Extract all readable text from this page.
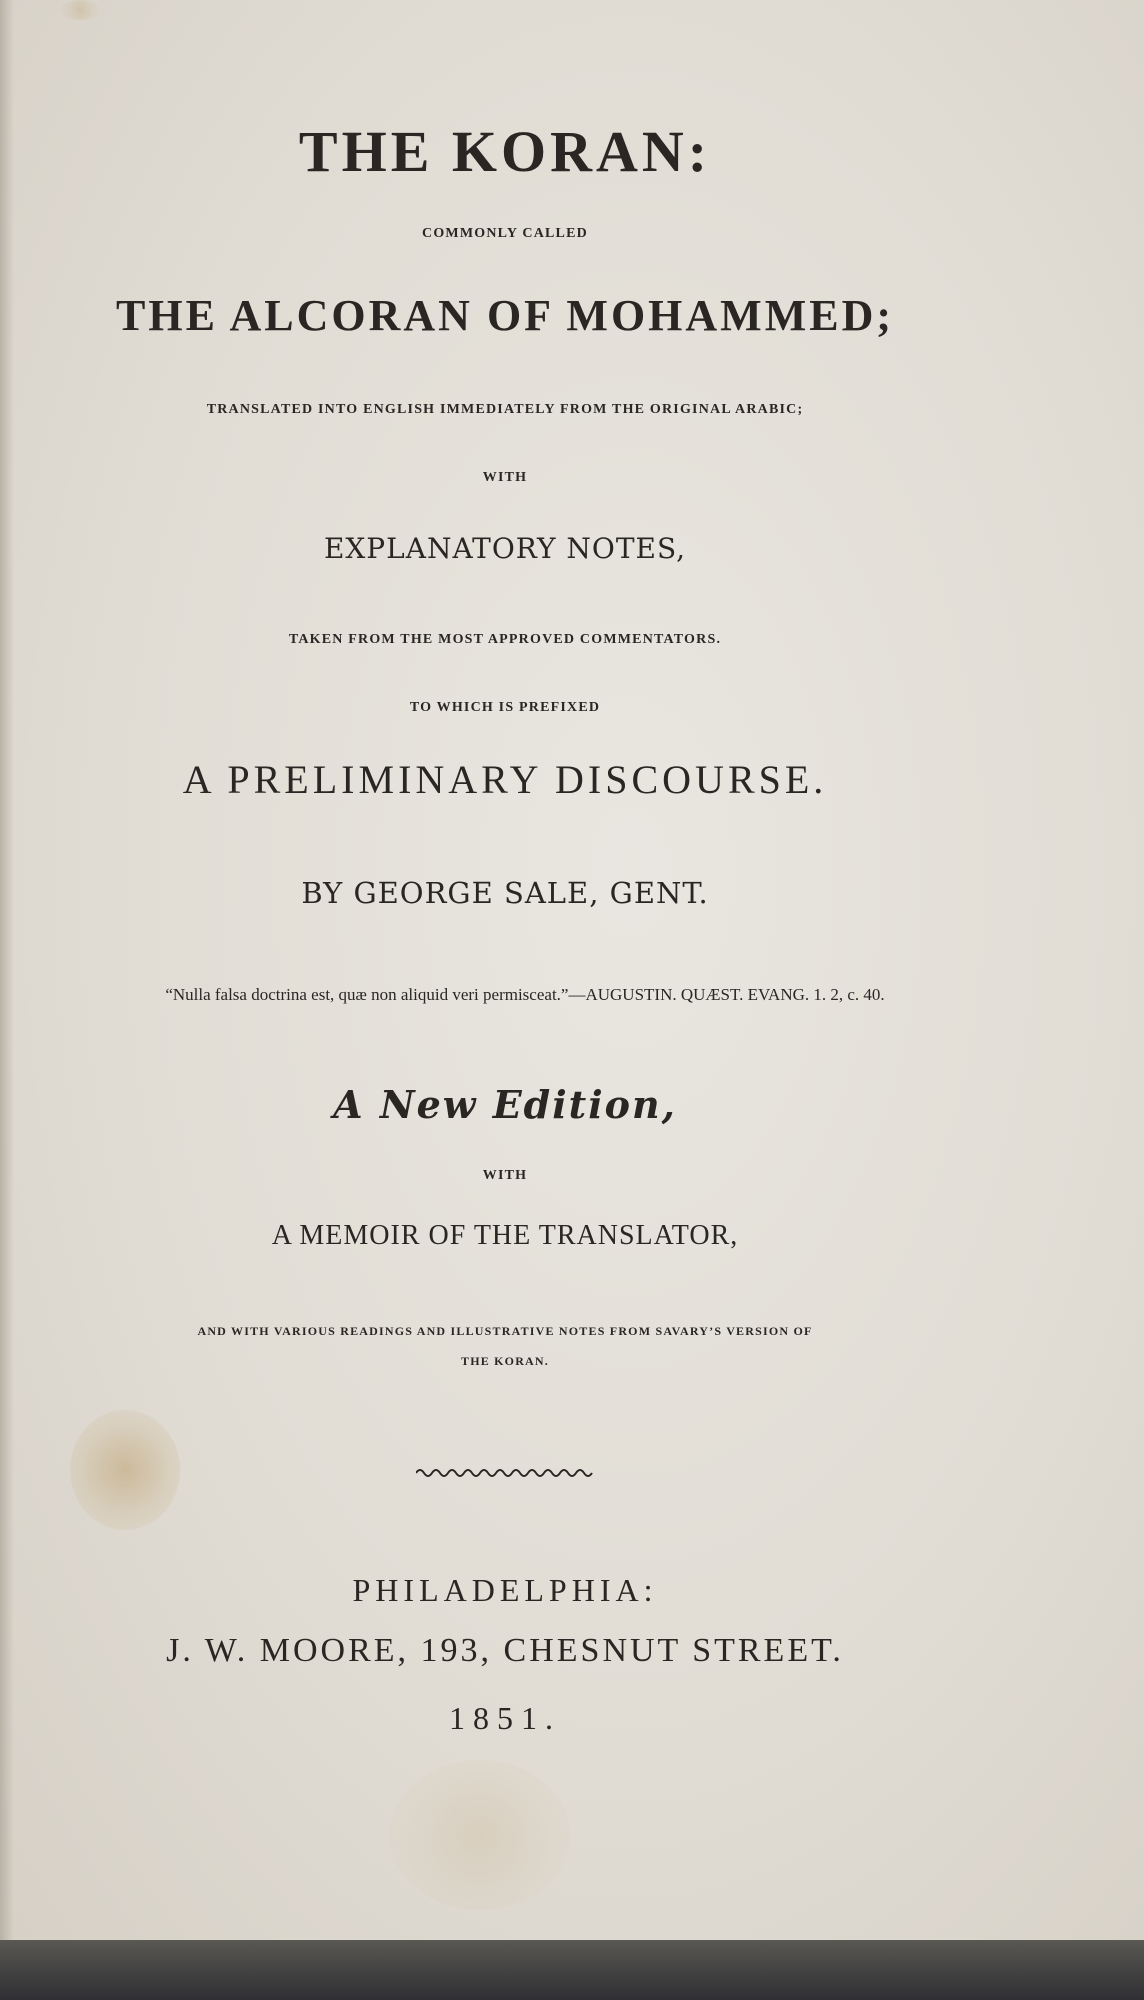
THE KORAN:
COMMONLY CALLED
THE ALCORAN OF MOHAMMED;
TRANSLATED INTO ENGLISH IMMEDIATELY FROM THE ORIGINAL ARABIC;
WITH
EXPLANATORY NOTES,
TAKEN FROM THE MOST APPROVED COMMENTATORS.
TO WHICH IS PREFIXED
A PRELIMINARY DISCOURSE.
BY GEORGE SALE, GENT.
“Nulla falsa doctrina est, quæ non aliquid veri permisceat.”—AUGUSTIN. QUÆST. EVANG. 1. 2, c. 40.
A New Edition,
WITH
A MEMOIR OF THE TRANSLATOR,
AND WITH VARIOUS READINGS AND ILLUSTRATIVE NOTES FROM SAVARY’S VERSION OF
THE KORAN.
PHILADELPHIA:
J. W. MOORE, 193, CHESNUT STREET.
1851.
